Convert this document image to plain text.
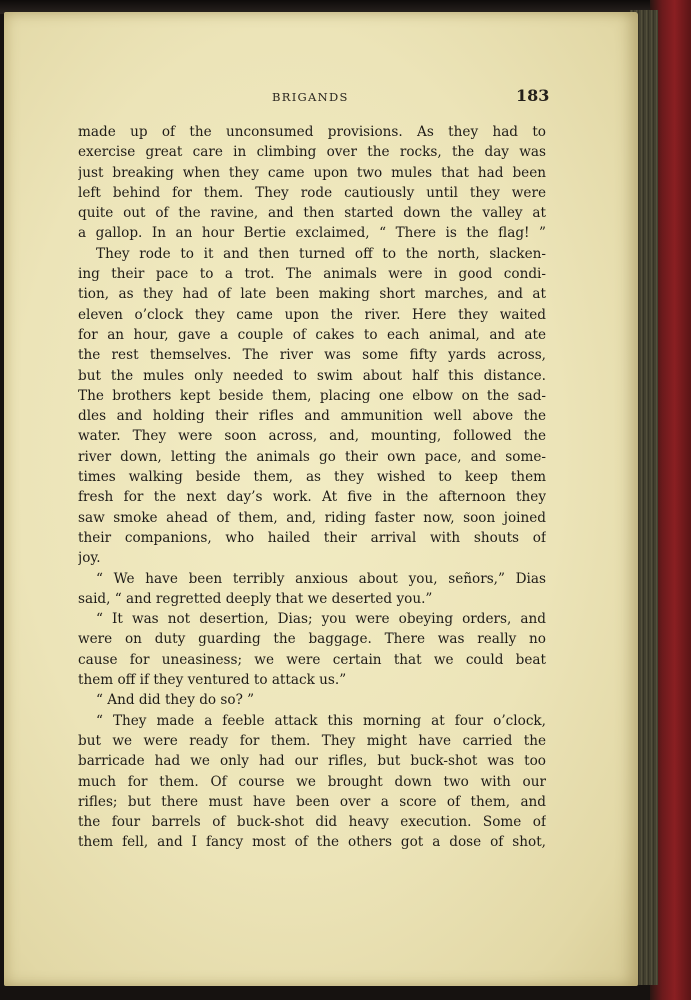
BRIGANDS	183
made up of the unconsumed provisions. As they had to
exercise great care in climbing over the rocks, the day was
just breaking when they came upon two mules that had been
left behind for them. They rode cautiously until they were
quite out of the ravine, and then started down the valley at
a gallop. In an hour Bertie exclaimed, “ There is the flag! ”
They rode to it and then turned off to the north, slacken-
ing their pace to a trot. The animals were in good condi-
tion, as they had of late been making short marches, and at
eleven o’clock they came upon the river. Here they waited
for an hour, gave a couple of cakes to each animal, and ate
the rest themselves. The river was some fifty yards across,
but the mules only needed to swim about half this distance.
The brothers kept beside them, placing one elbow on the sad-
dles and holding their rifles and ammunition well above the
water. They were soon across, and, mounting, followed the
river down, letting the animals go their own pace, and some-
times walking beside them, as they wished to keep them
fresh for the next day’s work. At five in the afternoon they
saw smoke ahead of them, and, riding faster now, soon joined
their companions, who hailed their arrival with shouts of
joy.
“ We have been terribly anxious about you, señors,” Dias
said, “ and regretted deeply that we deserted you.”
“ It was not desertion, Dias; you were obeying orders, and
were on duty guarding the baggage. There was really no
cause for uneasiness; we were certain that we could beat
them off if they ventured to attack us.”
“ And did they do so? ”
“ They made a feeble attack this morning at four o’clock,
but we were ready for them. They might have carried the
barricade had we only had our rifles, but buck-shot was too
much for them. Of course we brought down two with our
rifles; but there must have been over a score of them, and
the four barrels of buck-shot did heavy execution. Some of
them fell, and I fancy most of the others got a dose of shot,
